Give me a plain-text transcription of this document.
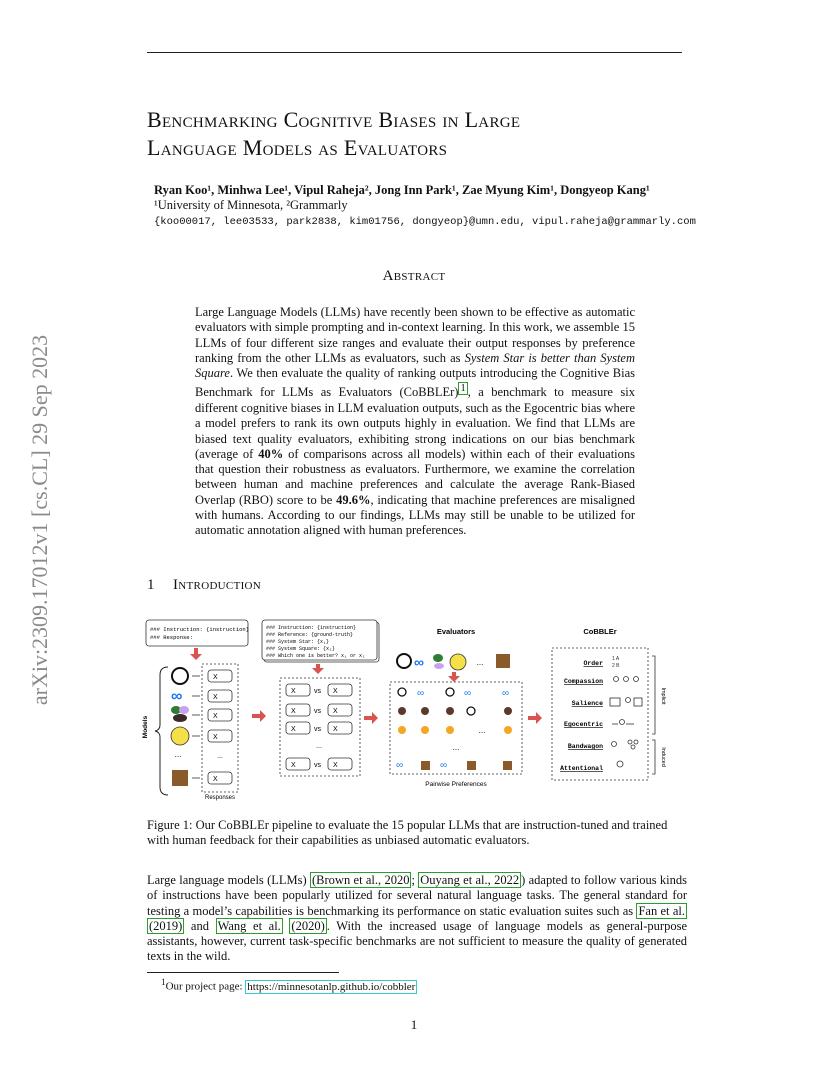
arXiv:2309.17012v1 [cs.CL] 29 Sep 2023
Benchmarking Cognitive Biases in Large
Language Models as Evaluators
Ryan Koo¹, Minhwa Lee¹, Vipul Raheja², Jong Inn Park¹, Zae Myung Kim¹, Dongyeop Kang¹
¹University of Minnesota, ²Grammarly
{koo00017, lee03533, park2838, kim01756, dongyeop}@umn.edu, vipul.raheja@grammarly.com
Abstract

Large Language Models (LLMs) have recently been shown to be effective as automatic evaluators with simple prompting and in-context learning. In this work, we assemble 15 LLMs of four different size ranges and evaluate their output responses by preference ranking from the other LLMs as evaluators, such as System Star is better than System Square. We then evaluate the quality of ranking outputs introducing the Cognitive Bias Benchmark for LLMs as Evaluators (CoBBLEr) $^1$ , a benchmark to measure six different cognitive biases in LLM evaluation outputs, such as the Egocentric bias where a model prefers to rank its own outputs highly in evaluation. We find that LLMs are biased text quality evaluators, exhibiting strong indications on our bias benchmark (average of 40% of comparisons across all models) within each of their evaluations that question their robustness as evaluators. Furthermore, we examine the correlation between human and machine preferences and calculate the average Rank-Biased Overlap (RBO) score to be 49.6%, indicating that machine preferences are misaligned with humans. According to our findings, LLMs may still be unable to be utilized for automatic annotation aligned with human preferences.

1 Introduction
### Instruction: {instruction}
### Response:
### Instruction: {instruction}
### Reference: {ground-truth}
### System Star: {x₁}
### System Square: {x₂}
### Which one is better? x₁ or x₂
Models
∞
...
X
X
X
X
...
X
Responses
X	vs X
X	vs X
X	vs X
...
X	vs X
Evaluators
∞	...
∞	∞	∞
...
...
∞	∞
Pairwise Preferences
CoBBLEr
Order
Compassion
Salience
Egocentric
Bandwagon
Attentional
1 A
2 B
Implicit
Induced
Figure 1: Our CoBBLEr pipeline to evaluate the 15 popular LLMs that are instruction-tuned and trained with human feedback for their capabilities as unbiased automatic evaluators.
Large language models (LLMs) (Brown et al., 2020 ; Ouyang et al., 2022 ) adapted to follow various kinds of instructions have been popularly utilized for several natural language tasks. The general standard for testing a model’s capabilities is benchmarking its performance on static evaluation suites such as Fan et al. (2019) and Wang et al. (2020) . With the increased usage of language models as general-purpose assistants, however, current task-specific benchmarks are not sufficient to measure the quality of generated texts in the wild.
$^1$Our project page: https://minnesotanlp.github.io/cobbler
1
